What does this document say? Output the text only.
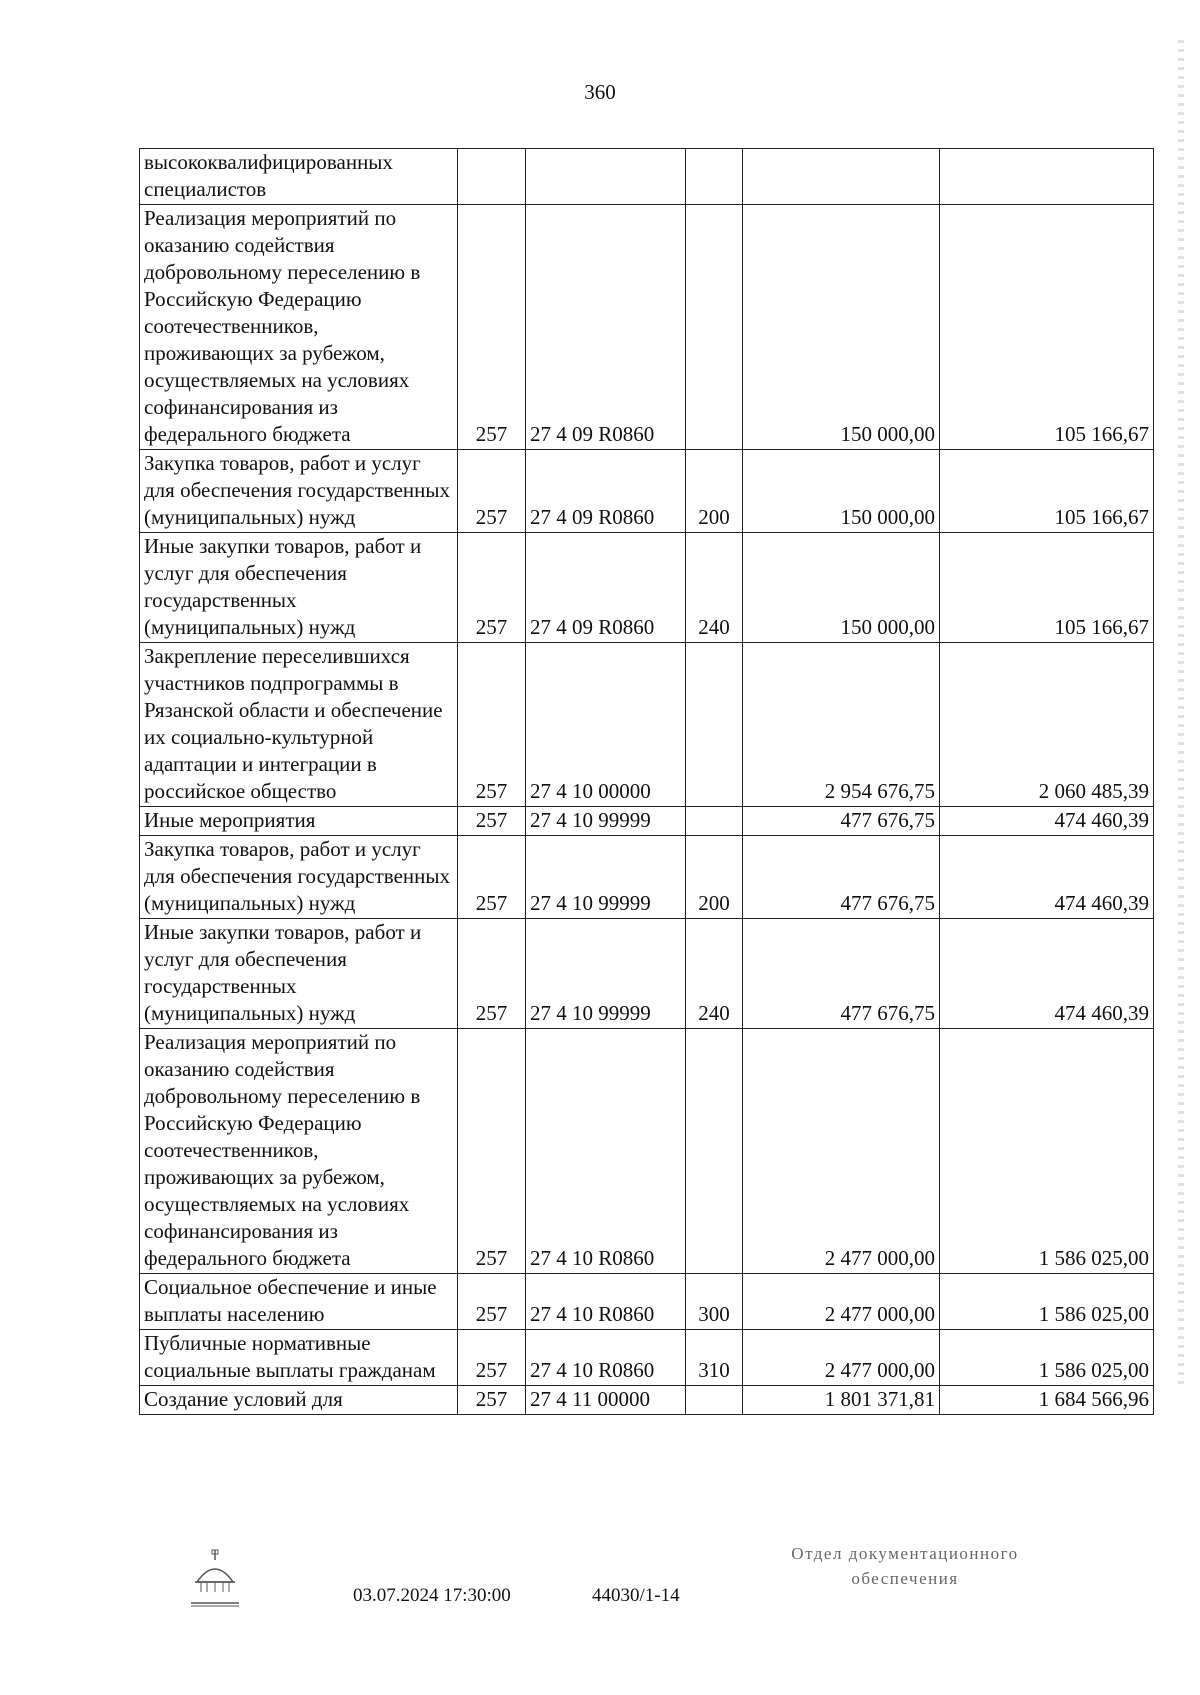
360
высококвалифицированных специалистов					
Реализация мероприятий по оказанию содействия добровольному переселению в Российскую Федерацию соотечественников, проживающих за рубежом, осуществляемых на условиях софинансирования из федерального бюджета	257	27 4 09 R0860		150 000,00	105 166,67
Закупка товаров, работ и услуг для обеспечения государственных (муниципальных) нужд	257	27 4 09 R0860	200	150 000,00	105 166,67
Иные закупки товаров, работ и услуг для обеспечения государственных (муниципальных) нужд	257	27 4 09 R0860	240	150 000,00	105 166,67
Закрепление переселившихся участников подпрограммы в Рязанской области и обеспечение их социально-культурной адаптации и интеграции в российское общество	257	27 4 10 00000		2 954 676,75	2 060 485,39
Иные мероприятия	257	27 4 10 99999		477 676,75	474 460,39
Закупка товаров, работ и услуг для обеспечения государственных (муниципальных) нужд	257	27 4 10 99999	200	477 676,75	474 460,39
Иные закупки товаров, работ и услуг для обеспечения государственных (муниципальных) нужд	257	27 4 10 99999	240	477 676,75	474 460,39
Реализация мероприятий по оказанию содействия добровольному переселению в Российскую Федерацию соотечественников, проживающих за рубежом, осуществляемых на условиях софинансирования из федерального бюджета	257	27 4 10 R0860		2 477 000,00	1 586 025,00
Социальное обеспечение и иные выплаты населению	257	27 4 10 R0860	300	2 477 000,00	1 586 025,00
Публичные нормативные социальные выплаты гражданам	257	27 4 10 R0860	310	2 477 000,00	1 586 025,00
Создание условий для	257	27 4 11 00000		1 801 371,81	1 684 566,96
03.07.2024 17:30:00	44030/1-14
Отдел документационного
обеспечения
